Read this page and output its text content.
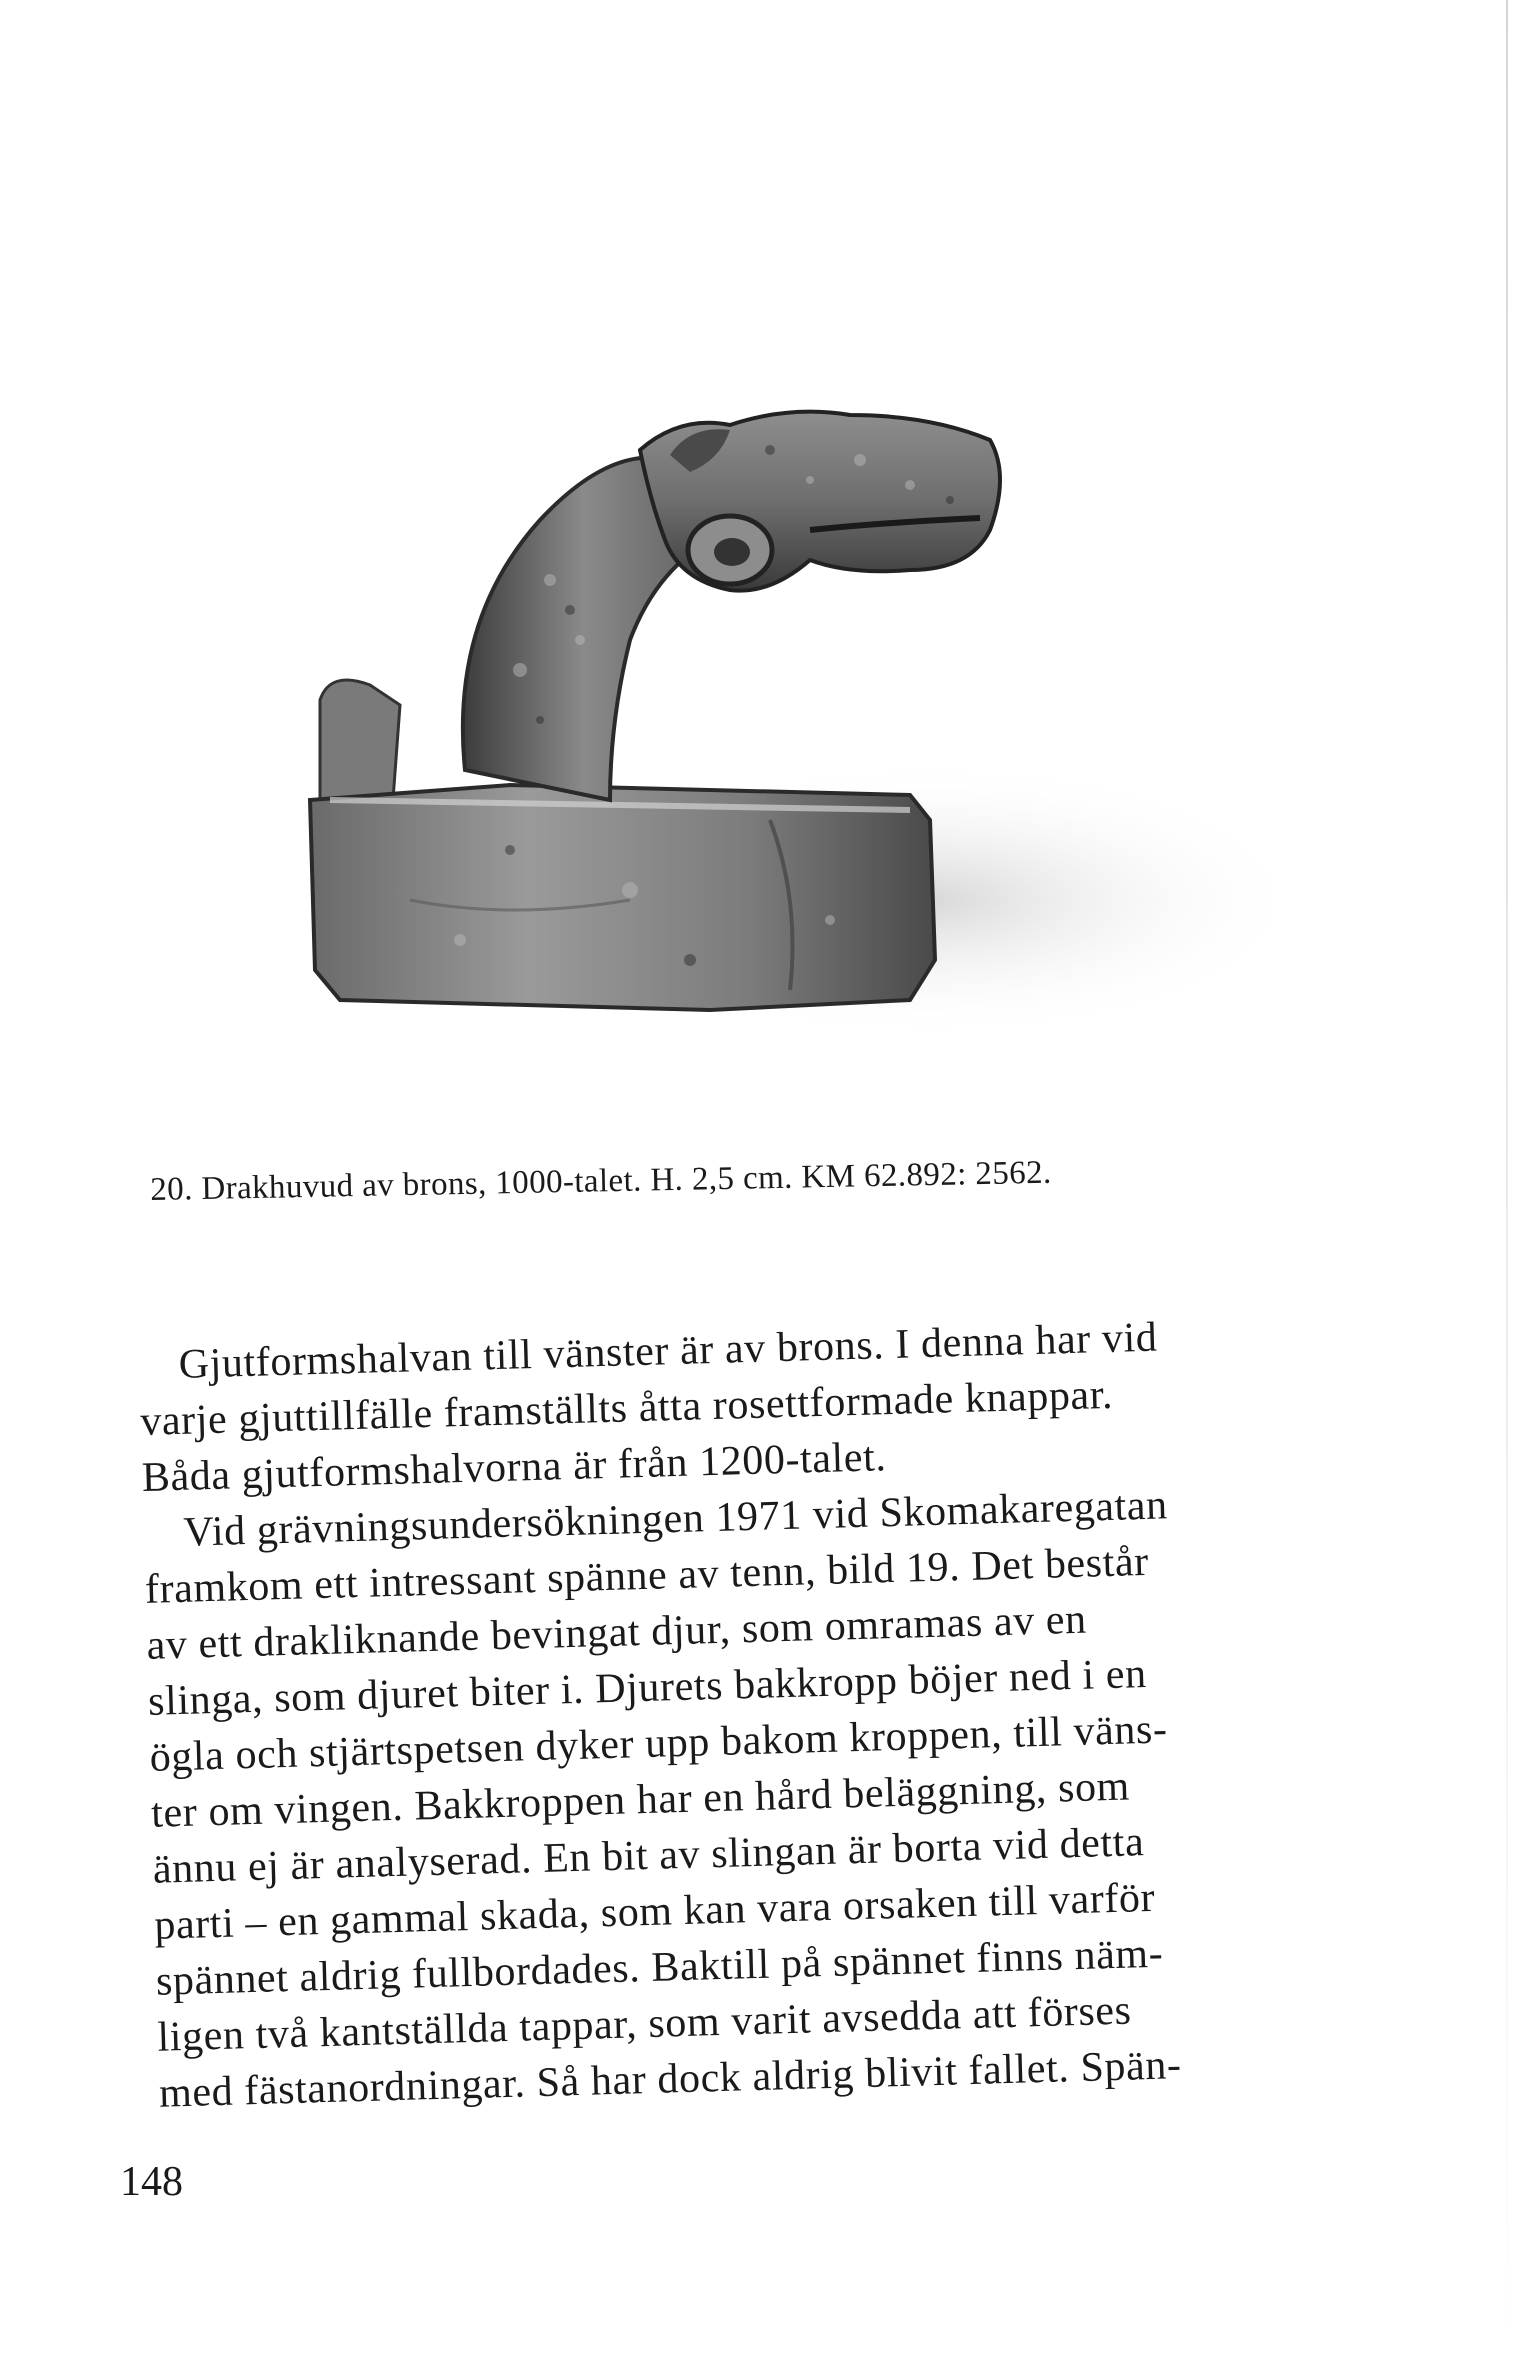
20. Drakhuvud av brons, 1000-talet. H. 2,5 cm. KM 62.892: 2562.
Gjutformshalvan till vänster är av brons. I denna har vid
varje gjuttillfälle framställts åtta rosettformade knappar.
Båda gjutformshalvorna är från 1200-talet.
Vid grävningsundersökningen 1971 vid Skomakaregatan
framkom ett intressant spänne av tenn, bild 19. Det består
av ett drakliknande bevingat djur, som omramas av en
slinga, som djuret biter i. Djurets bakkropp böjer ned i en
ögla och stjärtspetsen dyker upp bakom kroppen, till väns-
ter om vingen. Bakkroppen har en hård beläggning, som
ännu ej är analyserad. En bit av slingan är borta vid detta
parti – en gammal skada, som kan vara orsaken till varför
spännet aldrig fullbordades. Baktill på spännet finns näm-
ligen två kantställda tappar, som varit avsedda att förses
med fästanordningar. Så har dock aldrig blivit fallet. Spän-
148
